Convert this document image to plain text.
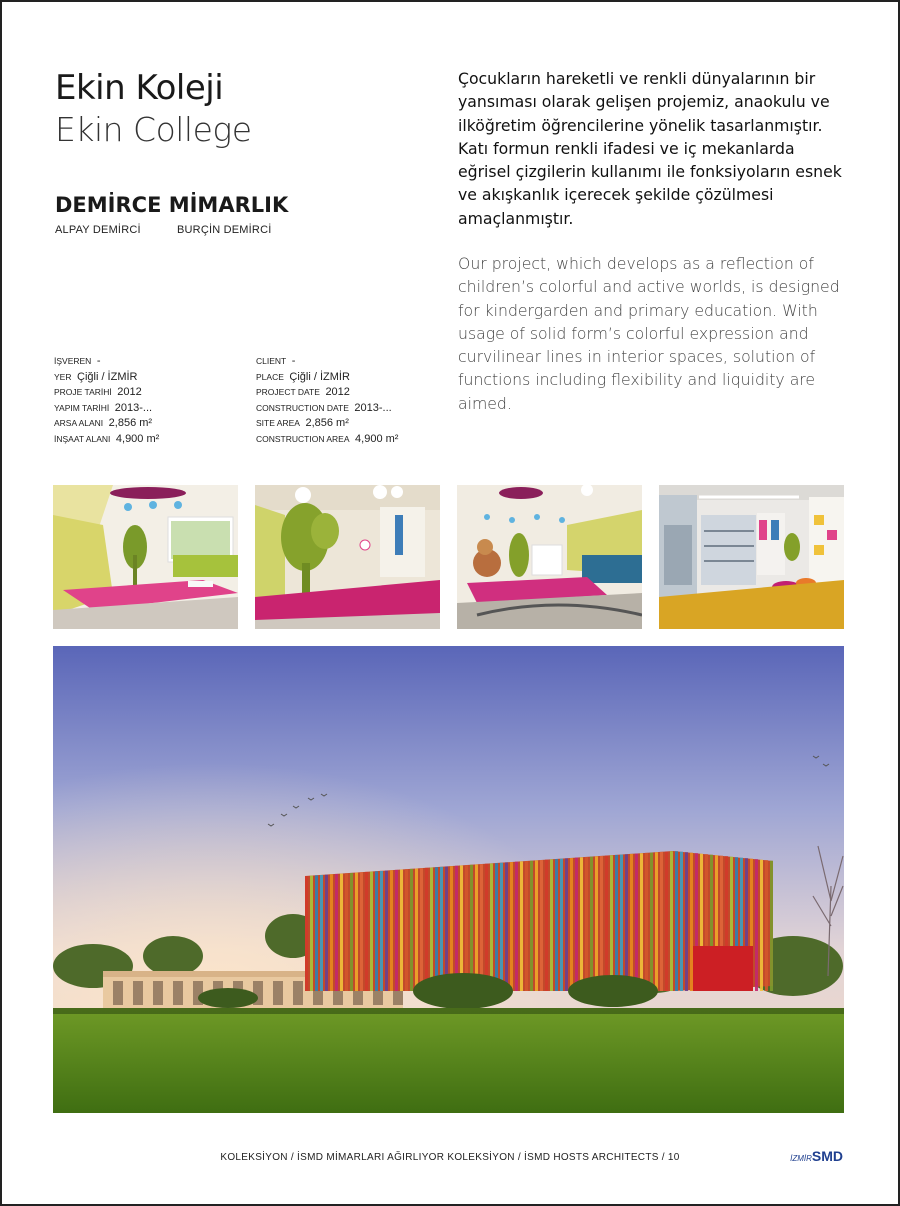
Ekin Koleji
Ekin College
DEMİRCE MİMARLIK
ALPAY DEMİRCİ	BURÇİN DEMİRCİ
İŞVEREN -
YER Çiğli / İZMİR
PROJE TARİHİ 2012
YAPIM TARİHİ 2013-...
ARSA ALANI 2,856 m²
İNŞAAT ALANI 4,900 m²
CLIENT -
PLACE Çiğli / İZMİR
PROJECT DATE 2012
CONSTRUCTION DATE 2013-...
SITE AREA 2,856 m²
CONSTRUCTION AREA 4,900 m²

Çocukların hareketli ve renkli dünyalarının bir yansıması olarak gelişen projemiz, anaokulu ve ilköğretim öğrencilerine yönelik tasarlanmıştır. Katı formun renkli ifadesi ve iç mekanlarda eğrisel çizgilerin kullanımı ile fonksiyoların esnek ve akışkanlık içerecek şekilde çözülmesi amaçlanmıştır.

Our project, which develops as a reflection of children’s colorful and active worlds, is designed for kindergarden and primary education. With usage of solid form’s colorful expression and curvilinear lines in interior spaces, solution of functions including flexibility and liquidity are aimed.

KOLEKSİYON / İSMD MİMARLARI AĞIRLIYOR KOLEKSİYON / İSMD HOSTS ARCHITECTS / 10	İZMİRSMD
